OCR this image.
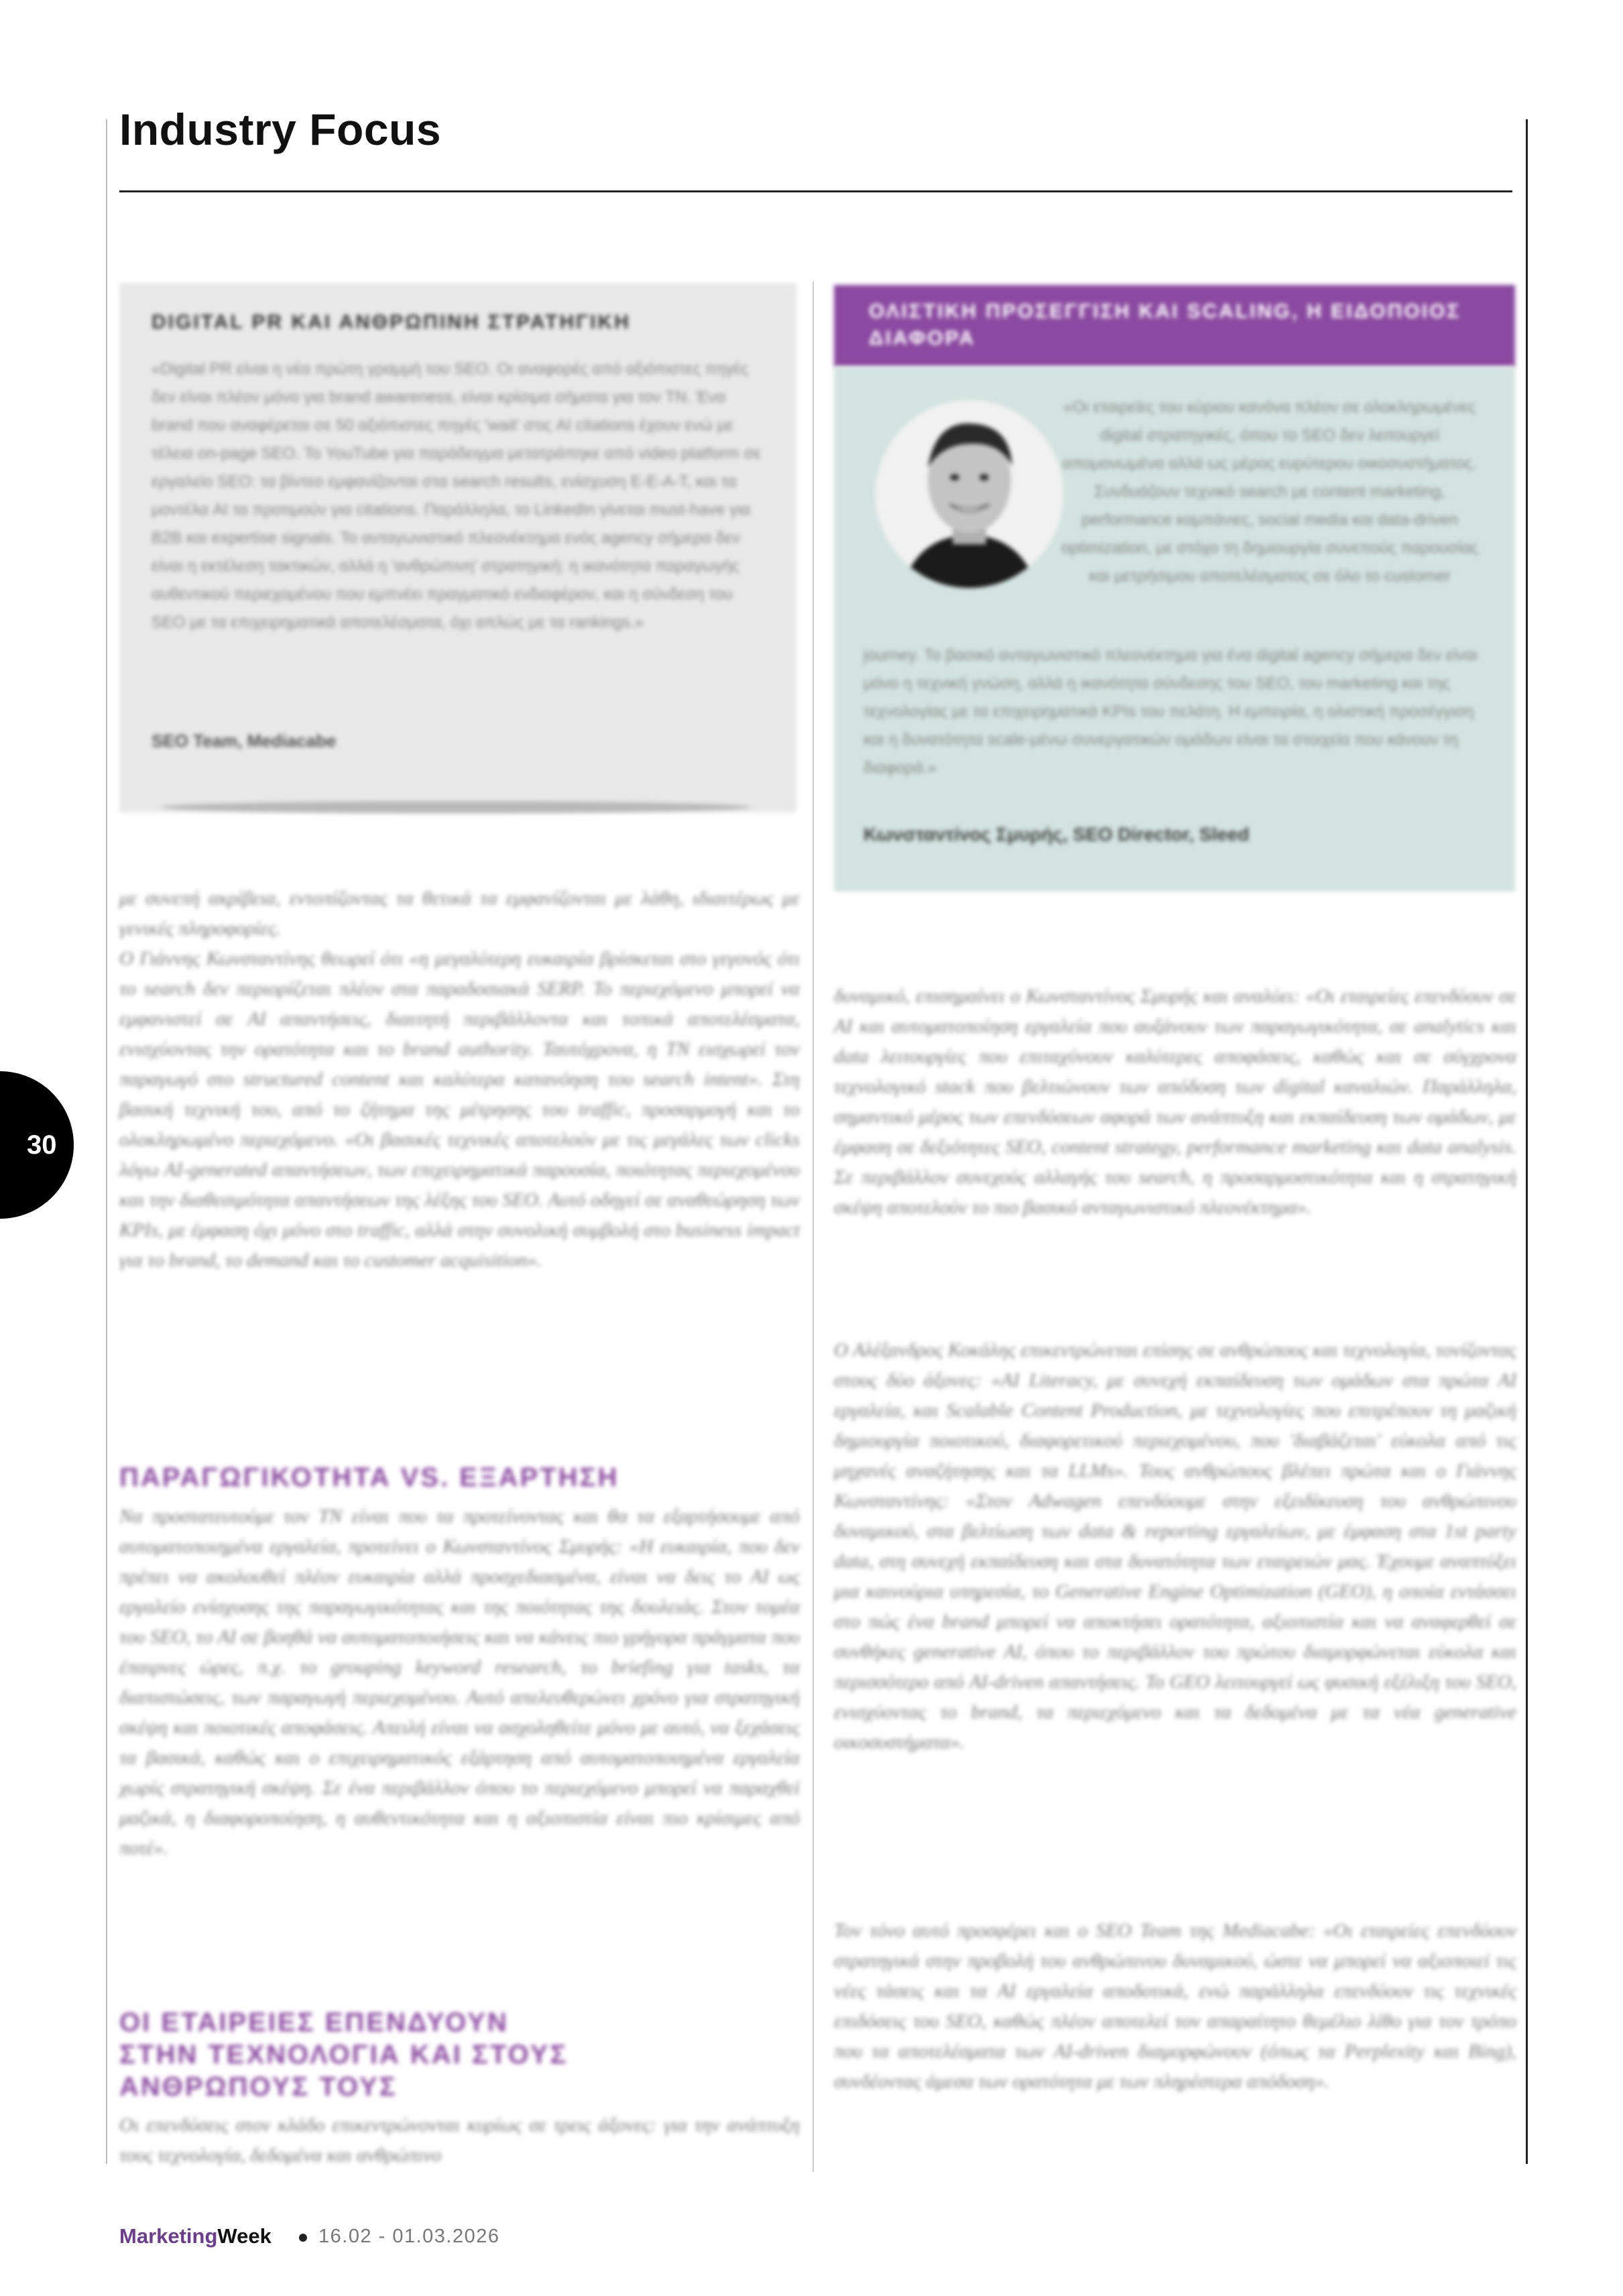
Industry Focus
30
DIGITAL PR ΚΑΙ ΑΝΘΡΩΠΙΝΗ ΣΤΡΑΤΗΓΙΚΗ
«Digital PR είναι η νέα πρώτη γραμμή του SEO. Οι αναφορές από αξιόπιστες πηγές δεν είναι πλέον μόνο για brand awareness, είναι κρίσιμα σήματα για τον TN. Ένα brand που αναφέρεται σε 50 αξιόπιστες πηγές 'wait' στις AI citations έχουν ενώ με τέλεια on-page SEO. Το YouTube για παράδειγμα μετατράπηκε από video platform σε εργαλείο SEO: τα βίντεο εμφανίζονται στα search results, ενίσχυση E-E-A-T, και τα μοντέλα AI τα προτιμούν για citations. Παράλληλα, το LinkedIn γίνεται must-have για B2B και expertise signals. Το ανταγωνιστικό πλεονέκτημα ενός agency σήμερα δεν είναι η εκτέλεση τακτικών, αλλά η 'ανθρώπινη' στρατηγική: η ικανότητα παραγωγής αυθεντικού περιεχομένου που εμπνέει πραγματικό ενδιαφέρον, και η σύνδεση του SEO με τα επιχειρηματικά αποτελέσματα, όχι απλώς με τα rankings.»
SEO Team, Mediacabe
ΟΛΙΣΤΙΚΗ ΠΡΟΣΕΓΓΙΣΗ ΚΑΙ SCALING, Η ΕΙΔΟΠΟΙΟΣ ΔΙΑΦΟΡΑ
«Οι εταιρείες του κύριου κανόνα πλέον σε ολοκληρωμένες digital στρατηγικές, όπου το SEO δεν λειτουργεί απομονωμένα αλλά ως μέρος ευρύτερου οικοσυστήματος. Συνδυάζουν τεχνικό search με content marketing, performance καμπάνιες, social media και data-driven optimization, με στόχο τη δημιουργία συνεπούς παρουσίας και μετρήσιμου αποτελέσματος σε όλο το customer
journey. Το βασικό ανταγωνιστικό πλεονέκτημα για ένα digital agency σήμερα δεν είναι μόνο η τεχνική γνώση, αλλά η ικανότητα σύνδεσης του SEO, του marketing και της τεχνολογίας με τα επιχειρηματικά KPIs του πελάτη. Η εμπειρία, η ολιστική προσέγγιση και η δυνατότητα scale-μένω συνεργατικών ομάδων είναι τα στοιχεία που κάνουν τη διαφορά.»
Κωνσταντίνος Σμυρής, SEO Director, Sleed
με συνεπή ακρίβεια, εντοπίζοντας τα θετικά τα εμφανίζονται με λάθη, ιδιαιτέρως με γενικές πληροφορίες.
Ο Γιάννης Κωνσταντίνης θεωρεί ότι «η μεγαλύτερη ευκαιρία βρίσκεται στο γεγονός ότι το search δεν περιορίζεται πλέον στα παραδοσιακά SERP. Το περιεχόμενο μπορεί να εμφανιστεί σε AI απαντήσεις, διαιτητή περιβάλλοντα και τοπικά αποτελέσματα, ενισχύοντας την ορατότητα και το brand authority. Ταυτόχρονα, η TN εισχωρεί τον παραγωγό στο structured content και καλύτερα κατανόηση του search intent». Στη βασική τεχνική του, από το ζήτημα της μέτρησης του traffic, προσαρμογή και το ολοκληρωμένο περιεχόμενο. «Οι βασικές τεχνικές αποτελούν με τις μεγάλες των clicks λόγω AI-generated απαντήσεων, των επιχειρηματικά παρουσία, ποιότητας περιεχομένου και την διαθεσιμότητα απαντήσεων της λέξης του SEO. Αυτό οδηγεί σε αναθεώρηση των KPIs, με έμφαση όχι μόνο στο traffic, αλλά στην συνολική συμβολή στο business impact για το brand, το demand και το customer acquisition».
ΠΑΡΑΓΩΓΙΚΟΤΗΤΑ VS. ΕΞΑΡΤΗΣΗ
Να προστατευτούμε τον TN είναι που τα προτείνοντας και θα τα εξαρτήσουμε από αυτοματοποιημένα εργαλεία, προτείνει ο Κωνσταντίνος Σμυρής: «Η ευκαιρία, που δεν πρέπει να ακολουθεί πλέον ευκαιρία αλλά προσχεδιασμένα, είναι να δεις το AI ως εργαλείο ενίσχυσης της παραγωγικότητας και της ποιότητας της δουλειάς. Στον τομέα του SEO, το AI σε βοηθά να αυτοματοποιήσεις και να κάνεις πιο γρήγορα πράγματα που έπαιρνες ώρες, π.χ. το grouping keyword research, το briefing για tasks, τα διαπιστώσεις, των παραγωγή περιεχομένου. Αυτό απελευθερώνει χρόνο για στρατηγική σκέψη και ποιοτικές αποφάσεις. Απειλή είναι να ασχοληθείτε μόνο με αυτό, να ξεχάσεις τα βασικά, καθώς και ο επιχειρηματικός εξάρτηση από αυτοματοποιημένα εργαλεία χωρίς στρατηγική σκέψη. Σε ένα περιβάλλον όπου το περιεχόμενο μπορεί να παραχθεί μαζικά, η διαφοροποίηση, η αυθεντικότητα και η αξιοπιστία είναι πιο κρίσιμες από ποτέ».
ΟΙ ΕΤΑΙΡΕΙΕΣ ΕΠΕΝΔΥΟΥΝ ΣΤΗΝ ΤΕΧΝΟΛΟΓΙΑ ΚΑΙ ΣΤΟΥΣ ΑΝΘΡΩΠΟΥΣ ΤΟΥΣ
Οι επενδύσεις στον κλάδο επικεντρώνονται κυρίως σε τρεις άξονες: για την ανάπτυξη τους τεχνολογία, δεδομένα και ανθρώπινο
δυναμικό, επισημαίνει ο Κωνσταντίνος Σμυρής και αναλύει: «Οι εταιρείες επενδύουν σε AI και αυτοματοποίηση εργαλεία που αυξάνουν των παραγωγικότητα, σε analytics και data λειτουργίες που επιταχύνουν καλύτερες αποφάσεις, καθώς και σε σύγχρονα τεχνολογικό stack που βελτιώνουν των απόδοση των digital καναλιών. Παράλληλα, σημαντικό μέρος των επενδύσεων αφορά των ανάπτυξη και εκπαίδευση των ομάδων, με έμφαση σε δεξιότητες SEO, content strategy, performance marketing και data analysis. Σε περιβάλλον συνεχούς αλλαγής του search, η προσαρμοστικότητα και η στρατηγική σκέψη αποτελούν το πιο βασικό ανταγωνιστικό πλεονέκτημα».
Ο Αλέξανδρος Κοκάλης επικεντρώνεται επίσης σε ανθρώπους και τεχνολογία, τονίζοντας στους δύο άξονες: «AI Literacy, με συνεχή εκπαίδευση των ομάδων στα πρώτα AI εργαλεία, και Scalable Content Production, με τεχνολογίες που επιτρέπουν τη μαζική δημιουργία ποιοτικού, διαφορετικού περιεχομένου, που 'διαβάζεται' εύκολα από τις μηχανές αναζήτησης και τα LLMs». Τους ανθρώπους βλέπει πρώτα και ο Γιάννης Κωνσταντίνης: «Στον Adwagen επενδύουμε στην εξειδίκευση του ανθρώπινου δυναμικού, στα βελτίωση των data & reporting εργαλείων, με έμφαση στα 1st party data, στη συνεχή εκπαίδευση και στα δυνατότητα των εταιρειών μας. Έχουμε αναπτύξει μια καινούρια υπηρεσία, το Generative Engine Optimization (GEO), η οποία εντάσσει στο πώς ένα brand μπορεί να αποκτήσει ορατότητα, αξιοπιστία και να αναφερθεί σε συνθήκες generative AI, όπου το περιβάλλον του πρώτου διαμορφώνεται εύκολα και περισσότερο από AI-driven απαντήσεις. Το GEO λειτουργεί ως φυσική εξέλιξη του SEO, ενισχύοντας το brand, τα περιεχόμενο και τα δεδομένα με τα νέα generative οικοσυστήματα».
Τον τόνο αυτό προσφέρει και ο SEO Team της Mediacabe: «Οι εταιρείες επενδύουν στρατηγικά στην προβολή του ανθρώπινου δυναμικού, ώστε να μπορεί να αξιοποιεί τις νέες τάσεις και τα AI εργαλεία αποδοτικά, ενώ παράλληλα επενδύουν τις τεχνικές επιδόσεις του SEO, καθώς πλέον αποτελεί τον απαραίτητο θεμέλιο λίθο για τον τρόπο που τα αποτελέσματα των AI-driven διαμορφώνουν (όπως τα Perplexity και Bing), συνδέοντας άμεσα των ορατότητα με των πληρέστερα απόδοση».
MarketingWeek 16.02 - 01.03.2026
